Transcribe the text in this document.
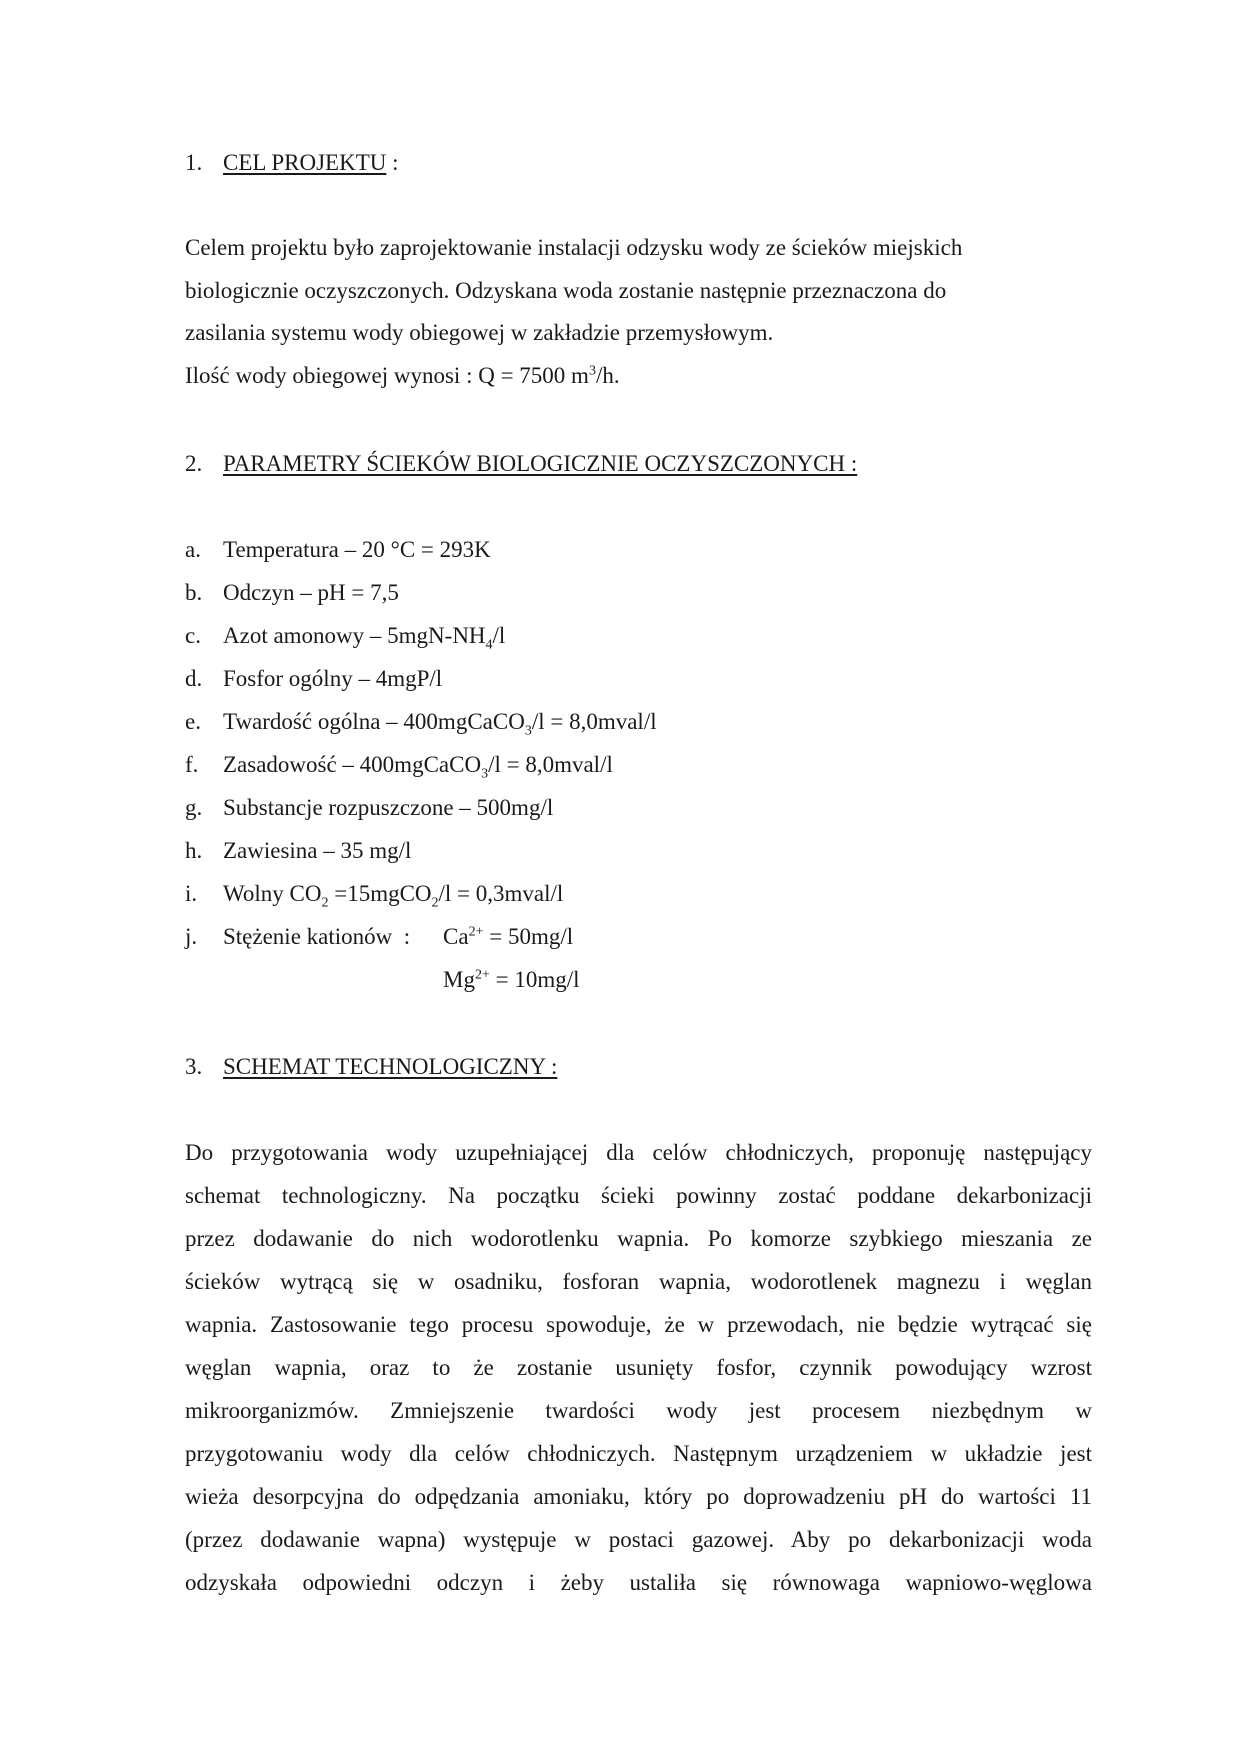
1. CEL PROJEKTU :
Celem projektu było zaprojektowanie instalacji odzysku wody ze ścieków miejskich
biologicznie oczyszczonych. Odzyskana woda zostanie następnie przeznaczona do
zasilania systemu wody obiegowej w zakładzie przemysłowym.
Ilość wody obiegowej wynosi : Q = 7500 $m^3/h$.
2. PARAMETRY ŚCIEKÓW BIOLOGICZNIE OCZYSZCZONYCH :
a. Temperatura – 20 °C = 293K
b. Odczyn – pH = 7,5
c. Azot amonowy – $5mgN-NH_4/l$
d. Fosfor ogólny – 4mgP/l
e. Twardość ogólna – 400mgCaCO$_3$/l = 8,0mval/l
f. Zasadowość – 400mgCaCO$_3$/l = 8,0mval/l
g. Substancje rozpuszczone – 500mg/l
h. Zawiesina – 35 mg/l
i. Wolny $CO_2$ =15mgCO$_2$/l = 0,3mval/l
j. Stężenie kationów  : $Ca^{2+} = 50mg/l$
$Mg^{2+} = 10mg/l$
3. SCHEMAT TECHNOLOGICZNY :
Do przygotowania wody uzupełniającej dla celów chłodniczych, proponuję następujący
schemat technologiczny. Na początku ścieki powinny zostać poddane dekarbonizacji
przez dodawanie do nich wodorotlenku wapnia. Po komorze szybkiego mieszania ze
ścieków wytrącą się w osadniku, fosforan wapnia, wodorotlenek magnezu i węglan
wapnia. Zastosowanie tego procesu spowoduje, że w przewodach, nie będzie wytrącać się
węglan wapnia, oraz to że zostanie usunięty fosfor, czynnik powodujący wzrost
mikroorganizmów. Zmniejszenie twardości wody jest procesem niezbędnym w
przygotowaniu wody dla celów chłodniczych. Następnym urządzeniem w układzie jest
wieża desorpcyjna do odpędzania amoniaku, który po doprowadzeniu pH do wartości 11
(przez dodawanie wapna) występuje w postaci gazowej. Aby po dekarbonizacji woda
odzyskała odpowiedni odczyn i żeby ustaliła się równowaga wapniowo-węglowa
